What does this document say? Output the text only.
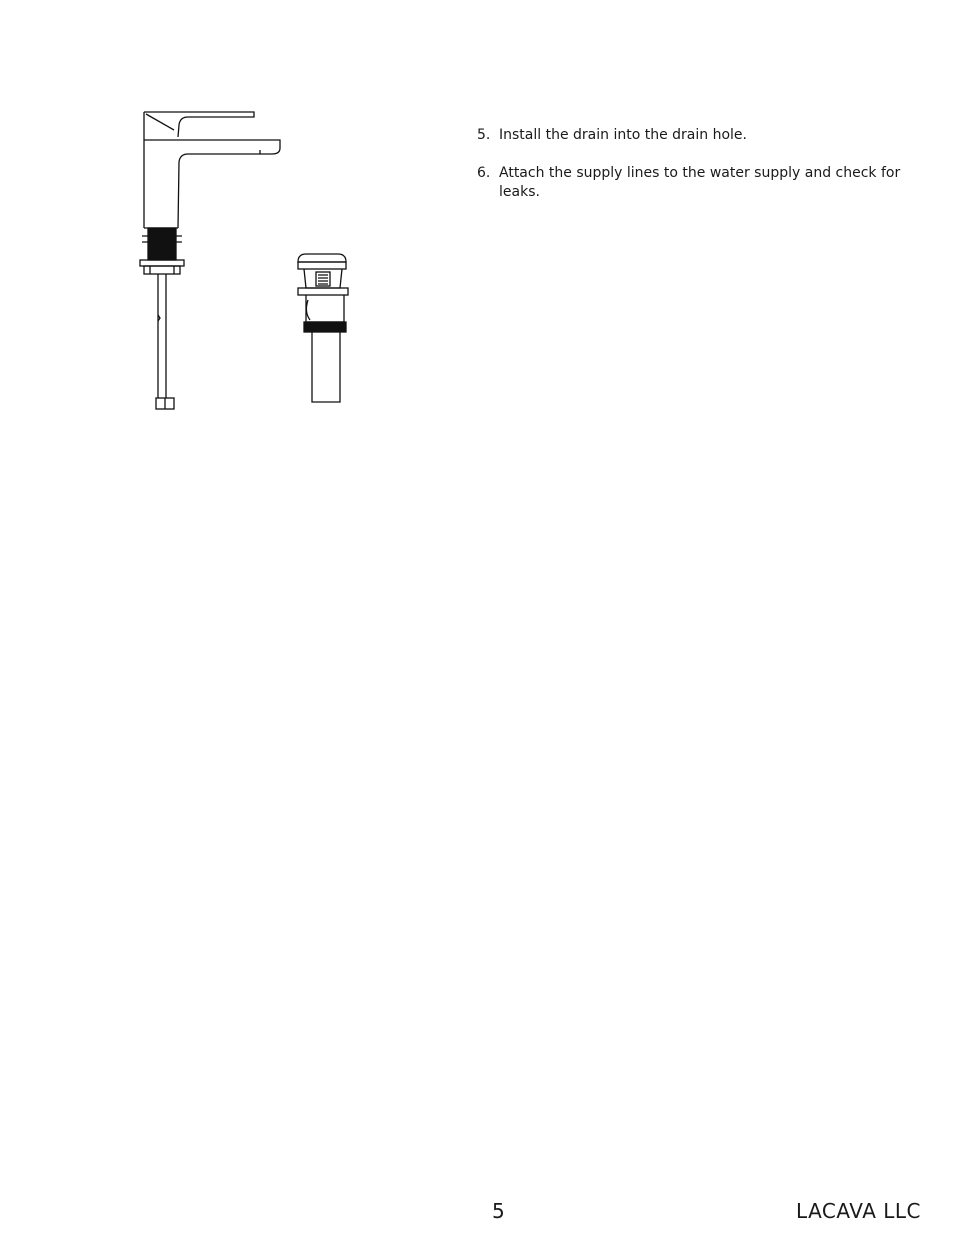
5. Install the drain into the drain hole.
6. Attach the supply lines to the water supply and check for leaks.
5	LACAVA LLC
